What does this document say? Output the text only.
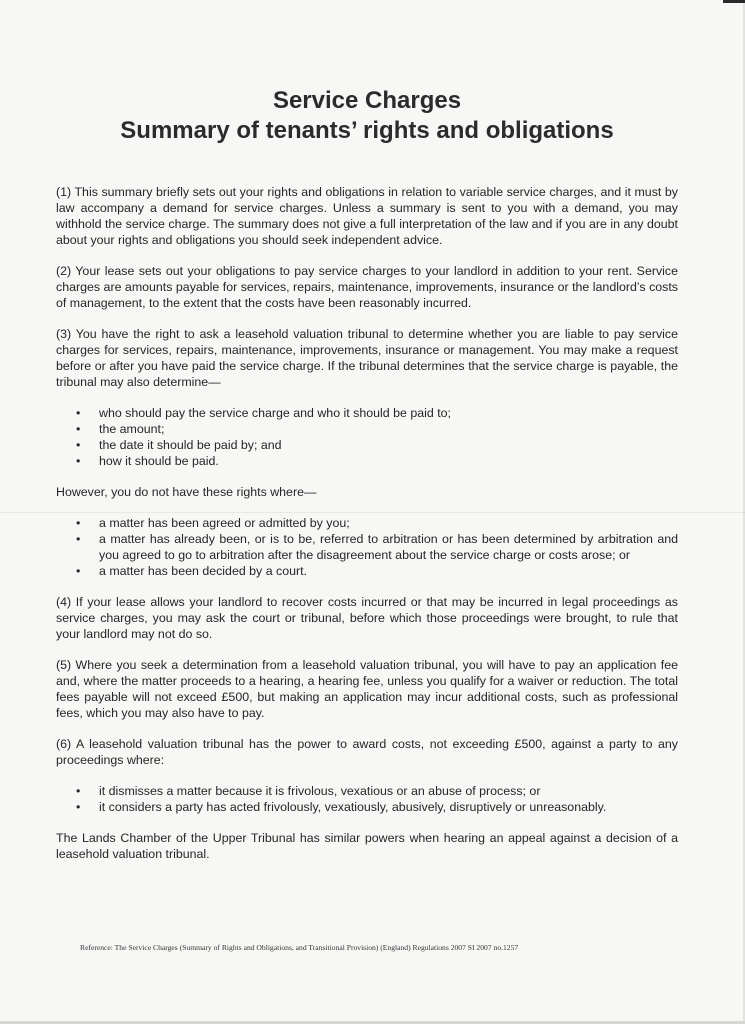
Service Charges
Summary of tenants’ rights and obligations

(1) This summary briefly sets out your rights and obligations in relation to variable service charges, and it must by law accompany a demand for service charges. Unless a summary is sent to you with a demand, you may withhold the service charge. The summary does not give a full interpretation of the law and if you are in any doubt about your rights and obligations you should seek independent advice.

(2) Your lease sets out your obligations to pay service charges to your landlord in addition to your rent. Service charges are amounts payable for services, repairs, maintenance, improvements, insurance or the landlord’s costs of management, to the extent that the costs have been reasonably incurred.

(3) You have the right to ask a leasehold valuation tribunal to determine whether you are liable to pay service charges for services, repairs, maintenance, improvements, insurance or management. You may make a request before or after you have paid the service charge. If the tribunal determines that the service charge is payable, the tribunal may also determine—

• who should pay the service charge and who it should be paid to;
• the amount;
• the date it should be paid by; and
• how it should be paid.

However, you do not have these rights where—

• a matter has been agreed or admitted by you;
• a matter has already been, or is to be, referred to arbitration or has been determined by arbitration and you agreed to go to arbitration after the disagreement about the service charge or costs arose; or
• a matter has been decided by a court.

(4) If your lease allows your landlord to recover costs incurred or that may be incurred in legal proceedings as service charges, you may ask the court or tribunal, before which those proceedings were brought, to rule that your landlord may not do so.

(5) Where you seek a determination from a leasehold valuation tribunal, you will have to pay an application fee and, where the matter proceeds to a hearing, a hearing fee, unless you qualify for a waiver or reduction. The total fees payable will not exceed £500, but making an application may incur additional costs, such as professional fees, which you may also have to pay.

(6) A leasehold valuation tribunal has the power to award costs, not exceeding £500, against a party to any proceedings where:

• it dismisses a matter because it is frivolous, vexatious or an abuse of process; or
• it considers a party has acted frivolously, vexatiously, abusively, disruptively or unreasonably.

The Lands Chamber of the Upper Tribunal has similar powers when hearing an appeal against a decision of a leasehold valuation tribunal.

Reference: The Service Charges (Summary of Rights and Obligations, and Transitional Provision) (England) Regulations 2007 SI 2007 no.1257
